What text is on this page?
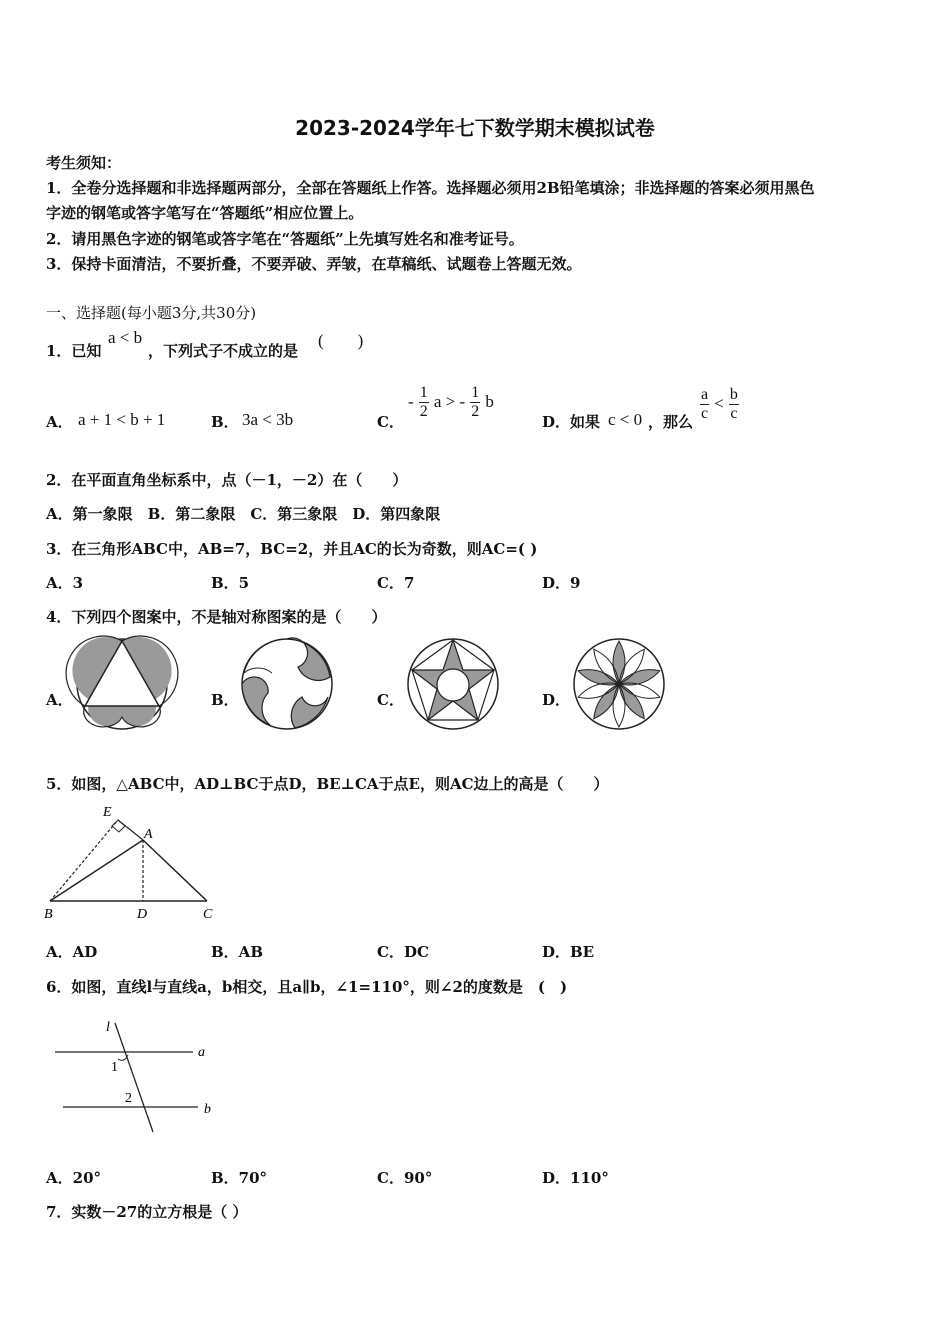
2023-2024学年七下数学期末模拟试卷
考生须知：
1．全卷分选择题和非选择题两部分，全部在答题纸上作答。选择题必须用2B铅笔填涂；非选择题的答案必须用黑色
字迹的钢笔或答字笔写在“答题纸”相应位置上。
2．请用黑色字迹的钢笔或答字笔在“答题纸”上先填写姓名和准考证号。
3．保持卡面清洁，不要折叠，不要弄破、弄皱，在草稿纸、试题卷上答题无效。
一、选择题(每小题3分,共30分)
1．已知
a < b
，下列式子不成立的是
(　　)
A． a + 1 < b + 1	B． 3a < 3b	C．
- $\frac{1}{2}$ a > - $\frac{1}{2}$ b
D．如果 c < 0 ，那么 $\frac{a}{c} < \frac{b}{c}$
2．在平面直角坐标系中，点（－1，－2）在（　　）
A．第一象限　B．第二象限　C．第三象限　D．第四象限
3．在三角形ABC中，AB=7，BC=2，并且AC的长为奇数，则AC=( )
A．3	B．5	C．7	D．9
4．下列四个图案中，不是轴对称图案的是（　　）
A．	B．	C．	D．
5．如图，△ABC中，AD⊥BC于点D，BE⊥CA于点E，则AC边上的高是（　　）
E
A
B	D	C
A．AD	B．AB	C．DC	D．BE
6．如图，直线l与直线a，b相交，且a∥b，∠1=110°，则∠2的度数是　(　)
l
a
b
1
2
A．20°	B．70°	C．90°	D．110°
7．实数－27的立方根是（ ）
